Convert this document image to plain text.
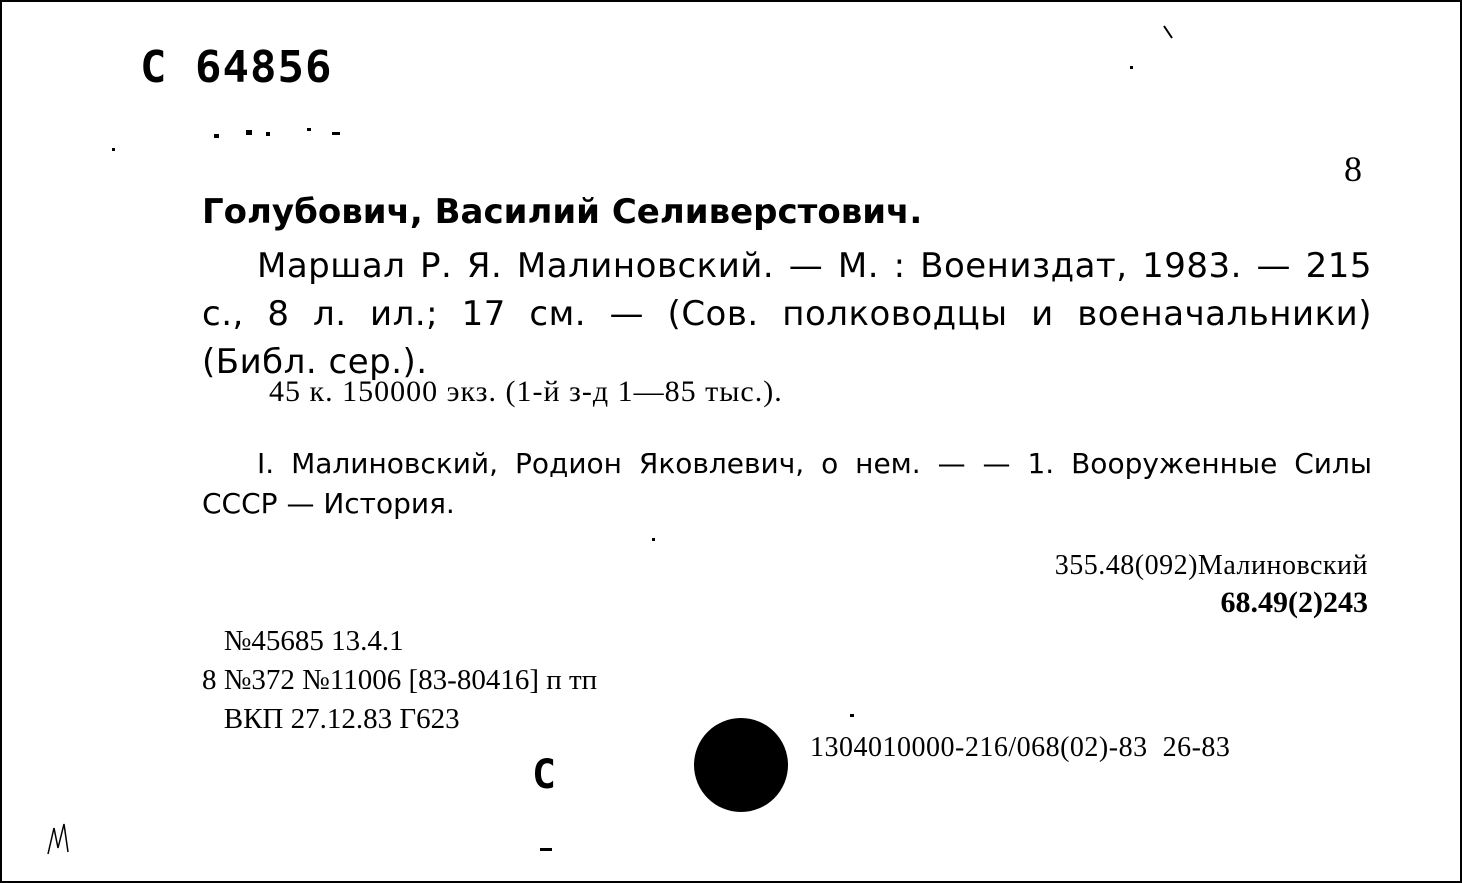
С 64856
8
Голубович, Василий Селиверстович.
Маршал Р. Я. Малиновский. — М. : Воениздат, 1983. — 215 с., 8 л. ил.; 17 см. — (Сов. полководцы и военачальники) (Библ. сер.).
45 к. 150000 экз. (1-й з-д 1—85 тыс.).
I. Малиновский, Родион Яковлевич, о нем. — — 1. Вооруженные Силы СССР — История.
355.48(092)Малиновский
68.49(2)243
№45685 13.4.1
8 №372 №11006 [83-80416] п тп
ВКП 27.12.83 Г623
С
1304010000-216/068(02)-83  26-83
